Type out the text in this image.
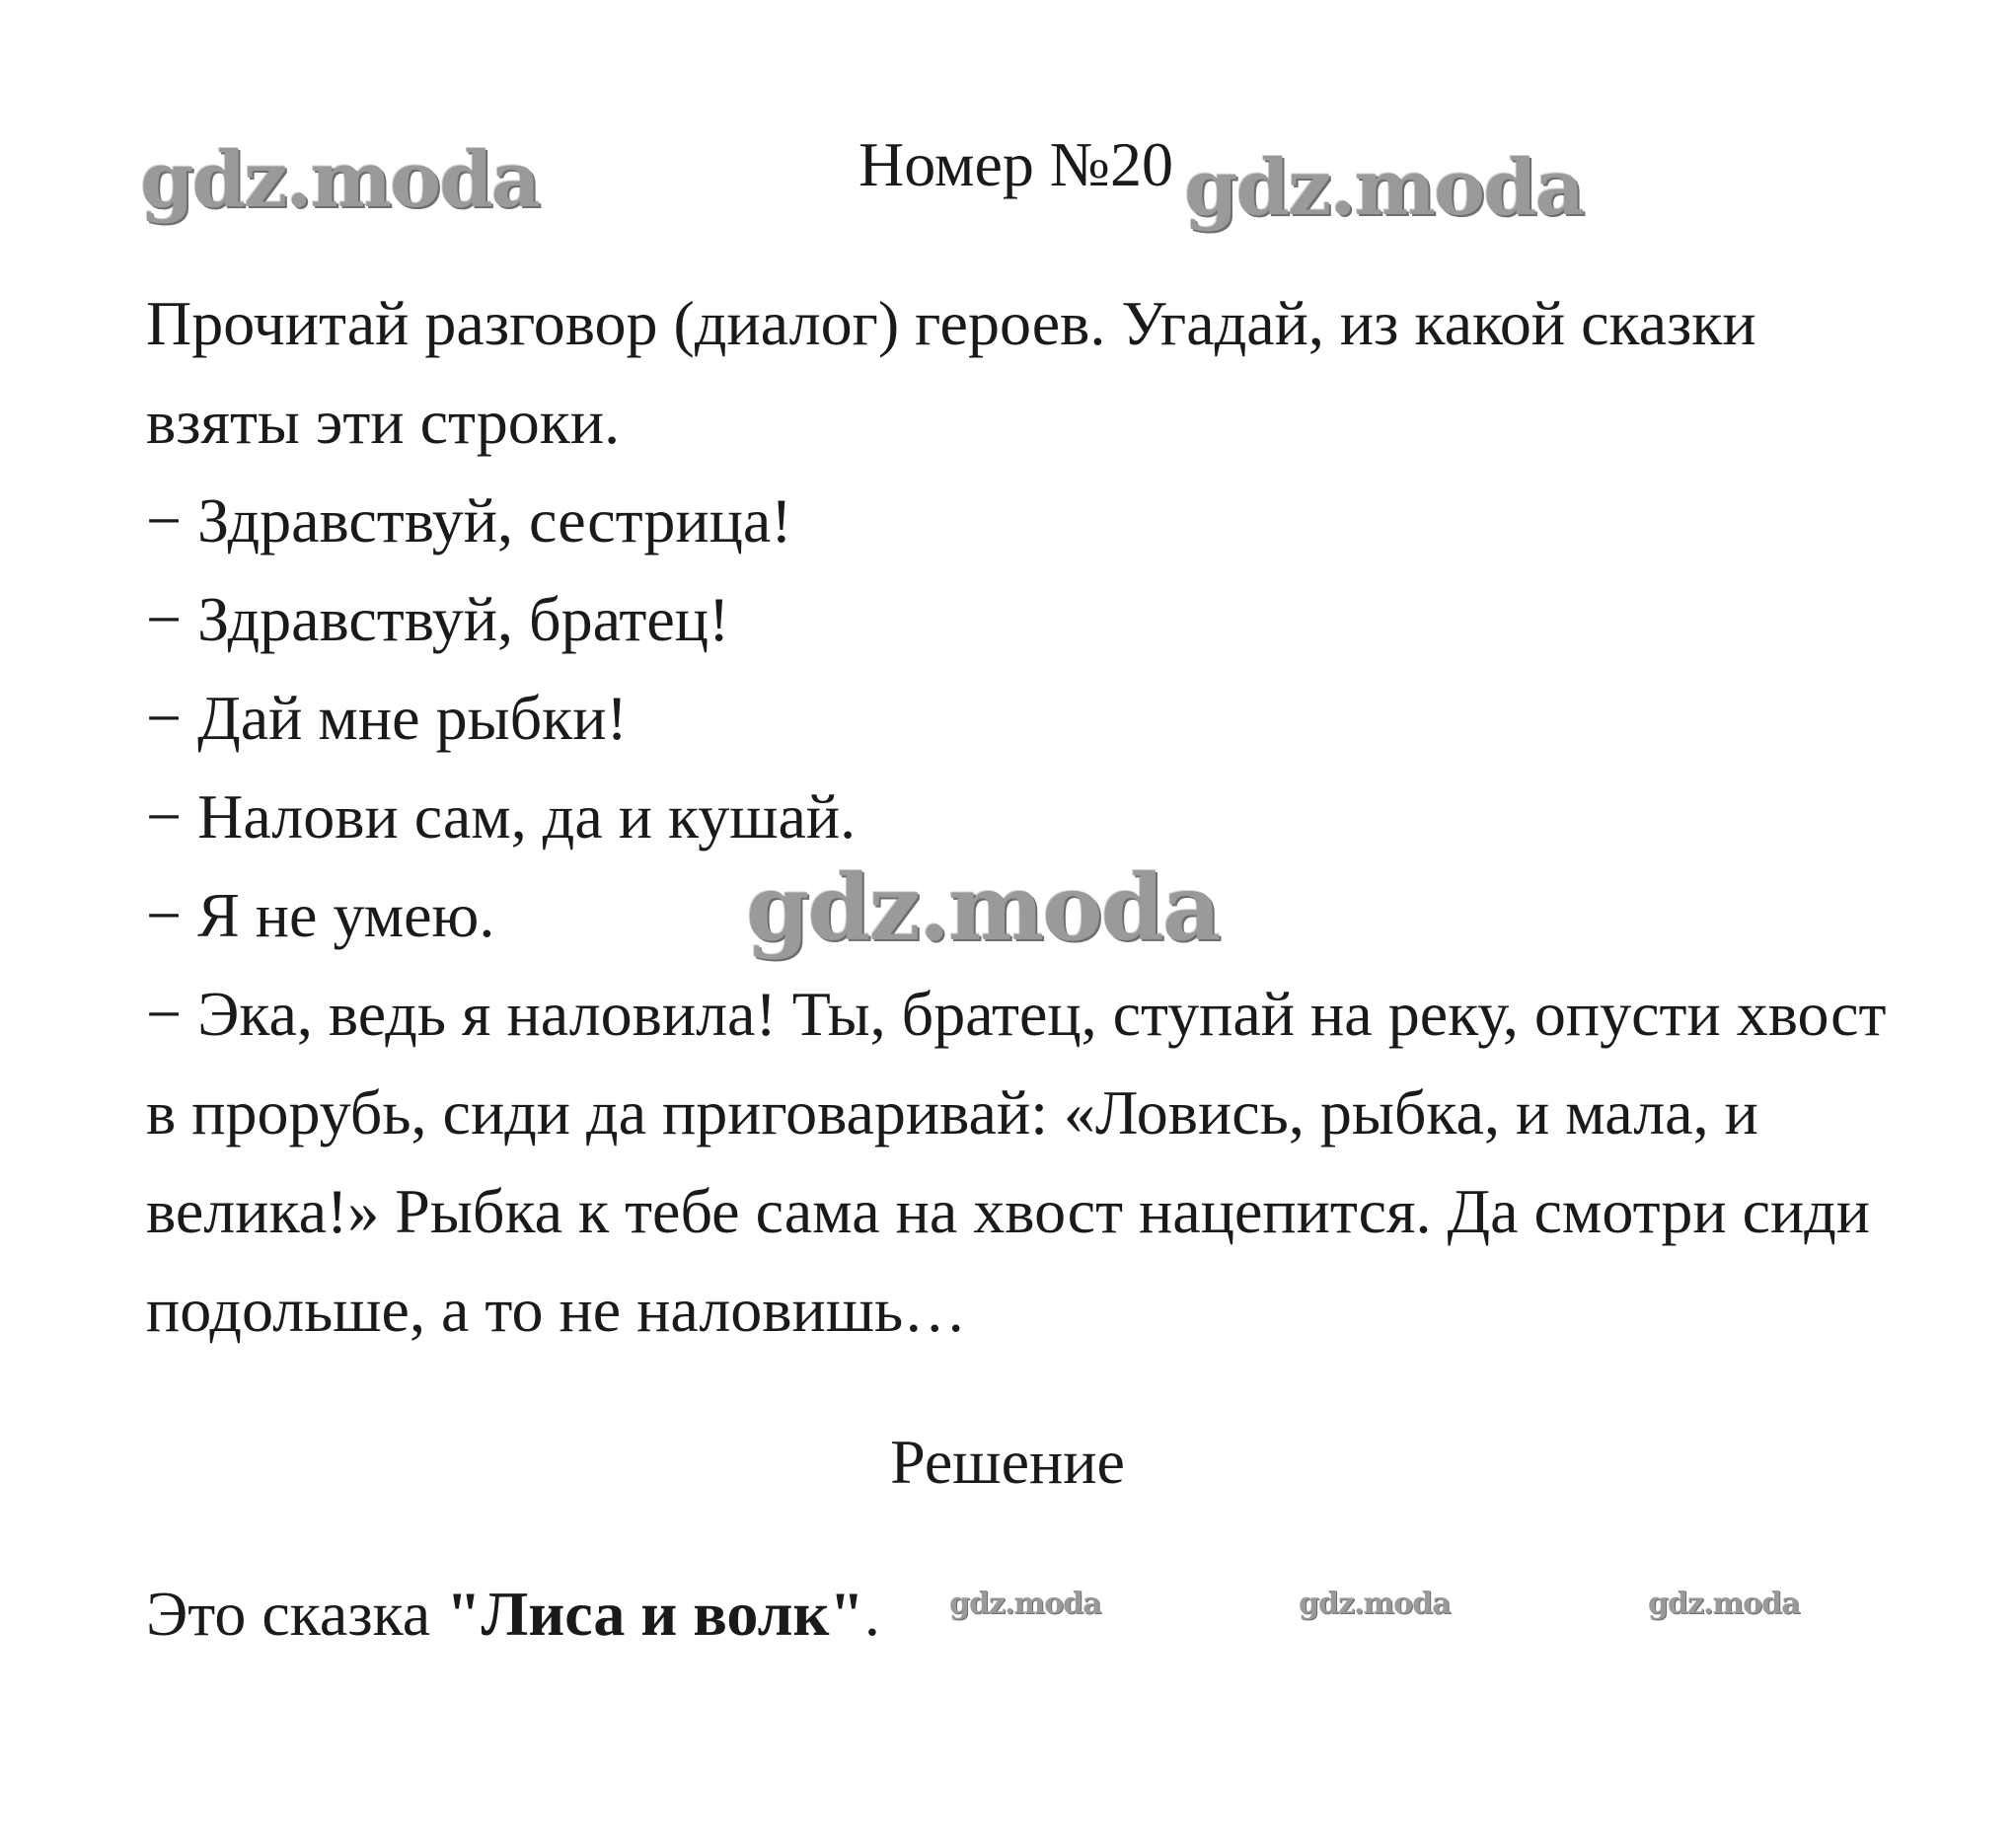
gdz.moda	gdz.moda
gdz.moda
Номер №20

Прочитай разговор (диалог) героев. Угадай, из какой сказки взяты эти строки.

− Здравствуй, сестрица!

− Здравствуй, братец!

− Дай мне рыбки!

− Налови сам, да и кушай.

− Я не умею.

− Эка, ведь я наловила! Ты, братец, ступай на реку, опусти хвост в прорубь, сиди да приговаривай: «Ловись, рыбка, и мала, и велика!» Рыбка к тебе сама на хвост нацепится. Да смотри сиди подольше, а то не наловишь…

Решение
Это сказка "Лиса и волк". gdz.moda	gdz.moda	gdz.moda
